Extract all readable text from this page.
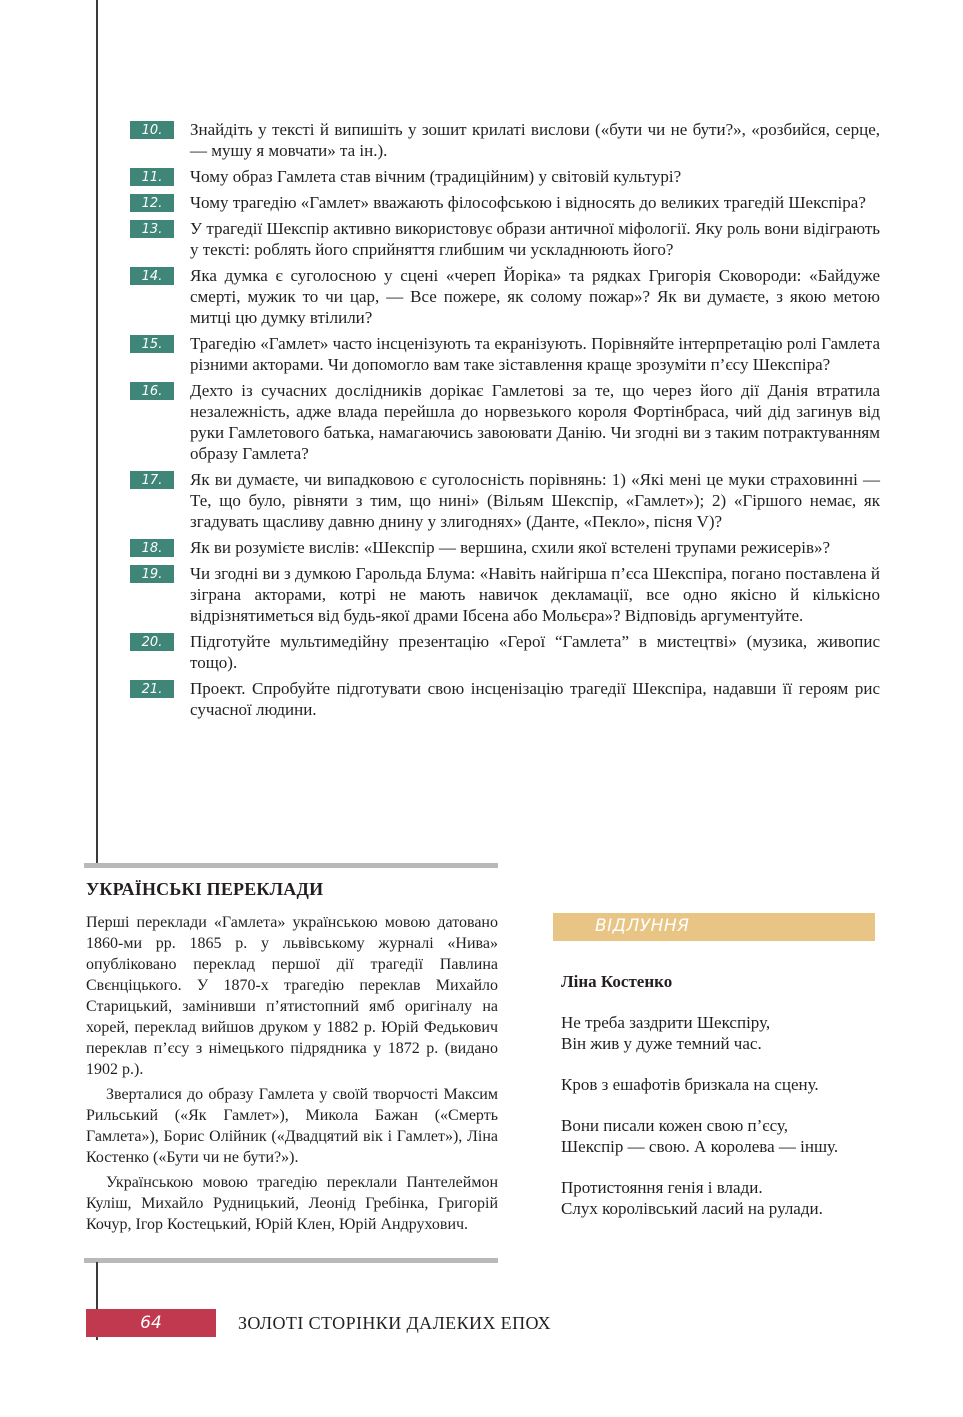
10.	Знайдіть у тексті й випишіть у зошит крилаті вислови («бути чи не бути?», «розбийся, серце, — мушу я мовчати» та ін.).
11.	Чому образ Гамлета став вічним (традиційним) у світовій культурі?
12.	Чому трагедію «Гамлет» вважають філософською і відносять до великих трагедій Шекспіра?
13.	У трагедії Шекспір активно використовує образи античної міфології. Яку роль вони відіграють у тексті: роблять його сприйняття глибшим чи ускладнюють його?
14.	Яка думка є суголосною у сцені «череп Йоріка» та рядках Григорія Сковороди: «Байдуже смерті, мужик то чи цар, — Все пожере, як солому пожар»? Як ви думаєте, з якою метою митці цю думку втілили?
15.	Трагедію «Гамлет» часто інсценізують та екранізують. Порівняйте інтерпретацію ролі Гамлета різними акторами. Чи допомогло вам таке зіставлення краще зрозуміти п’єсу Шекспіра?
16.	Дехто із сучасних дослідників дорікає Гамлетові за те, що через його дії Данія втратила незалежність, адже влада перейшла до норвезького короля Фортінбраса, чий дід загинув від руки Гамлетового батька, намагаючись завоювати Данію. Чи згодні ви з таким потрактуванням образу Гамлета?
17.	Як ви думаєте, чи випадковою є суголосність порівнянь: 1) «Які мені це муки страховинні — Те, що було, рівняти з тим, що нині» (Вільям Шекспір, «Гамлет»); 2) «Гіршого немає, як згадувать щасливу давню днину у злигоднях» (Данте, «Пекло», пісня V)?
18.	Як ви розумієте вислів: «Шекспір — вершина, схили якої встелені трупами режисерів»?
19.	Чи згодні ви з думкою Гарольда Блума: «Навіть найгірша п’єса Шекспіра, погано поставлена й зіграна акторами, котрі не мають навичок декламації, все одно якісно й кількісно відрізнятиметься від будь-якої драми Ібсена або Мольєра»? Відповідь аргументуйте.
20.	Підготуйте мультимедійну презентацію «Герої “Гамлета” в мистецтві» (музика, живопис тощо).
21.	Проект. Спробуйте підготувати свою інсценізацію трагедії Шекспіра, надавши її героям рис сучасної людини.
УКРАЇНСЬКІ ПЕРЕКЛАДИ

Перші переклади «Гамлета» українською мовою датовано 1860-ми рр. 1865 р. у львівському журналі «Нива» опубліковано переклад першої дії трагедії Павлина Свєнціцького. У 1870-х трагедію переклав Михайло Старицький, замінивши п’ятистопний ямб оригіналу на хорей, переклад вийшов друком у 1882 р. Юрій Федькович переклав п’єсу з німецького підрядника у 1872 р. (видано 1902 р.).

Зверталися до образу Гамлета у своїй творчості Максим Рильський («Як Гамлет»), Микола Бажан («Смерть Гамлета»), Борис Олійник («Двадцятий вік і Гамлет»), Ліна Костенко («Бути чи не бути?»).

Українською мовою трагедію переклали Пантелеймон Куліш, Михайло Рудницький, Леонід Гребінка, Григорій Кочур, Ігор Костецький, Юрій Клен, Юрій Андрухович.

ВІДЛУННЯ

Ліна Костенко

Не треба заздрити Шекспіру,
Він жив у дуже темний час.

Кров з ешафотів бризкала на сцену.

Вони писали кожен свою п’єсу,
Шекспір — свою. А королева — іншу.

Протистояння генія і влади.
Слух королівський ласий на рулади.

64	ЗОЛОТІ СТОРІНКИ ДАЛЕКИХ ЕПОХ
